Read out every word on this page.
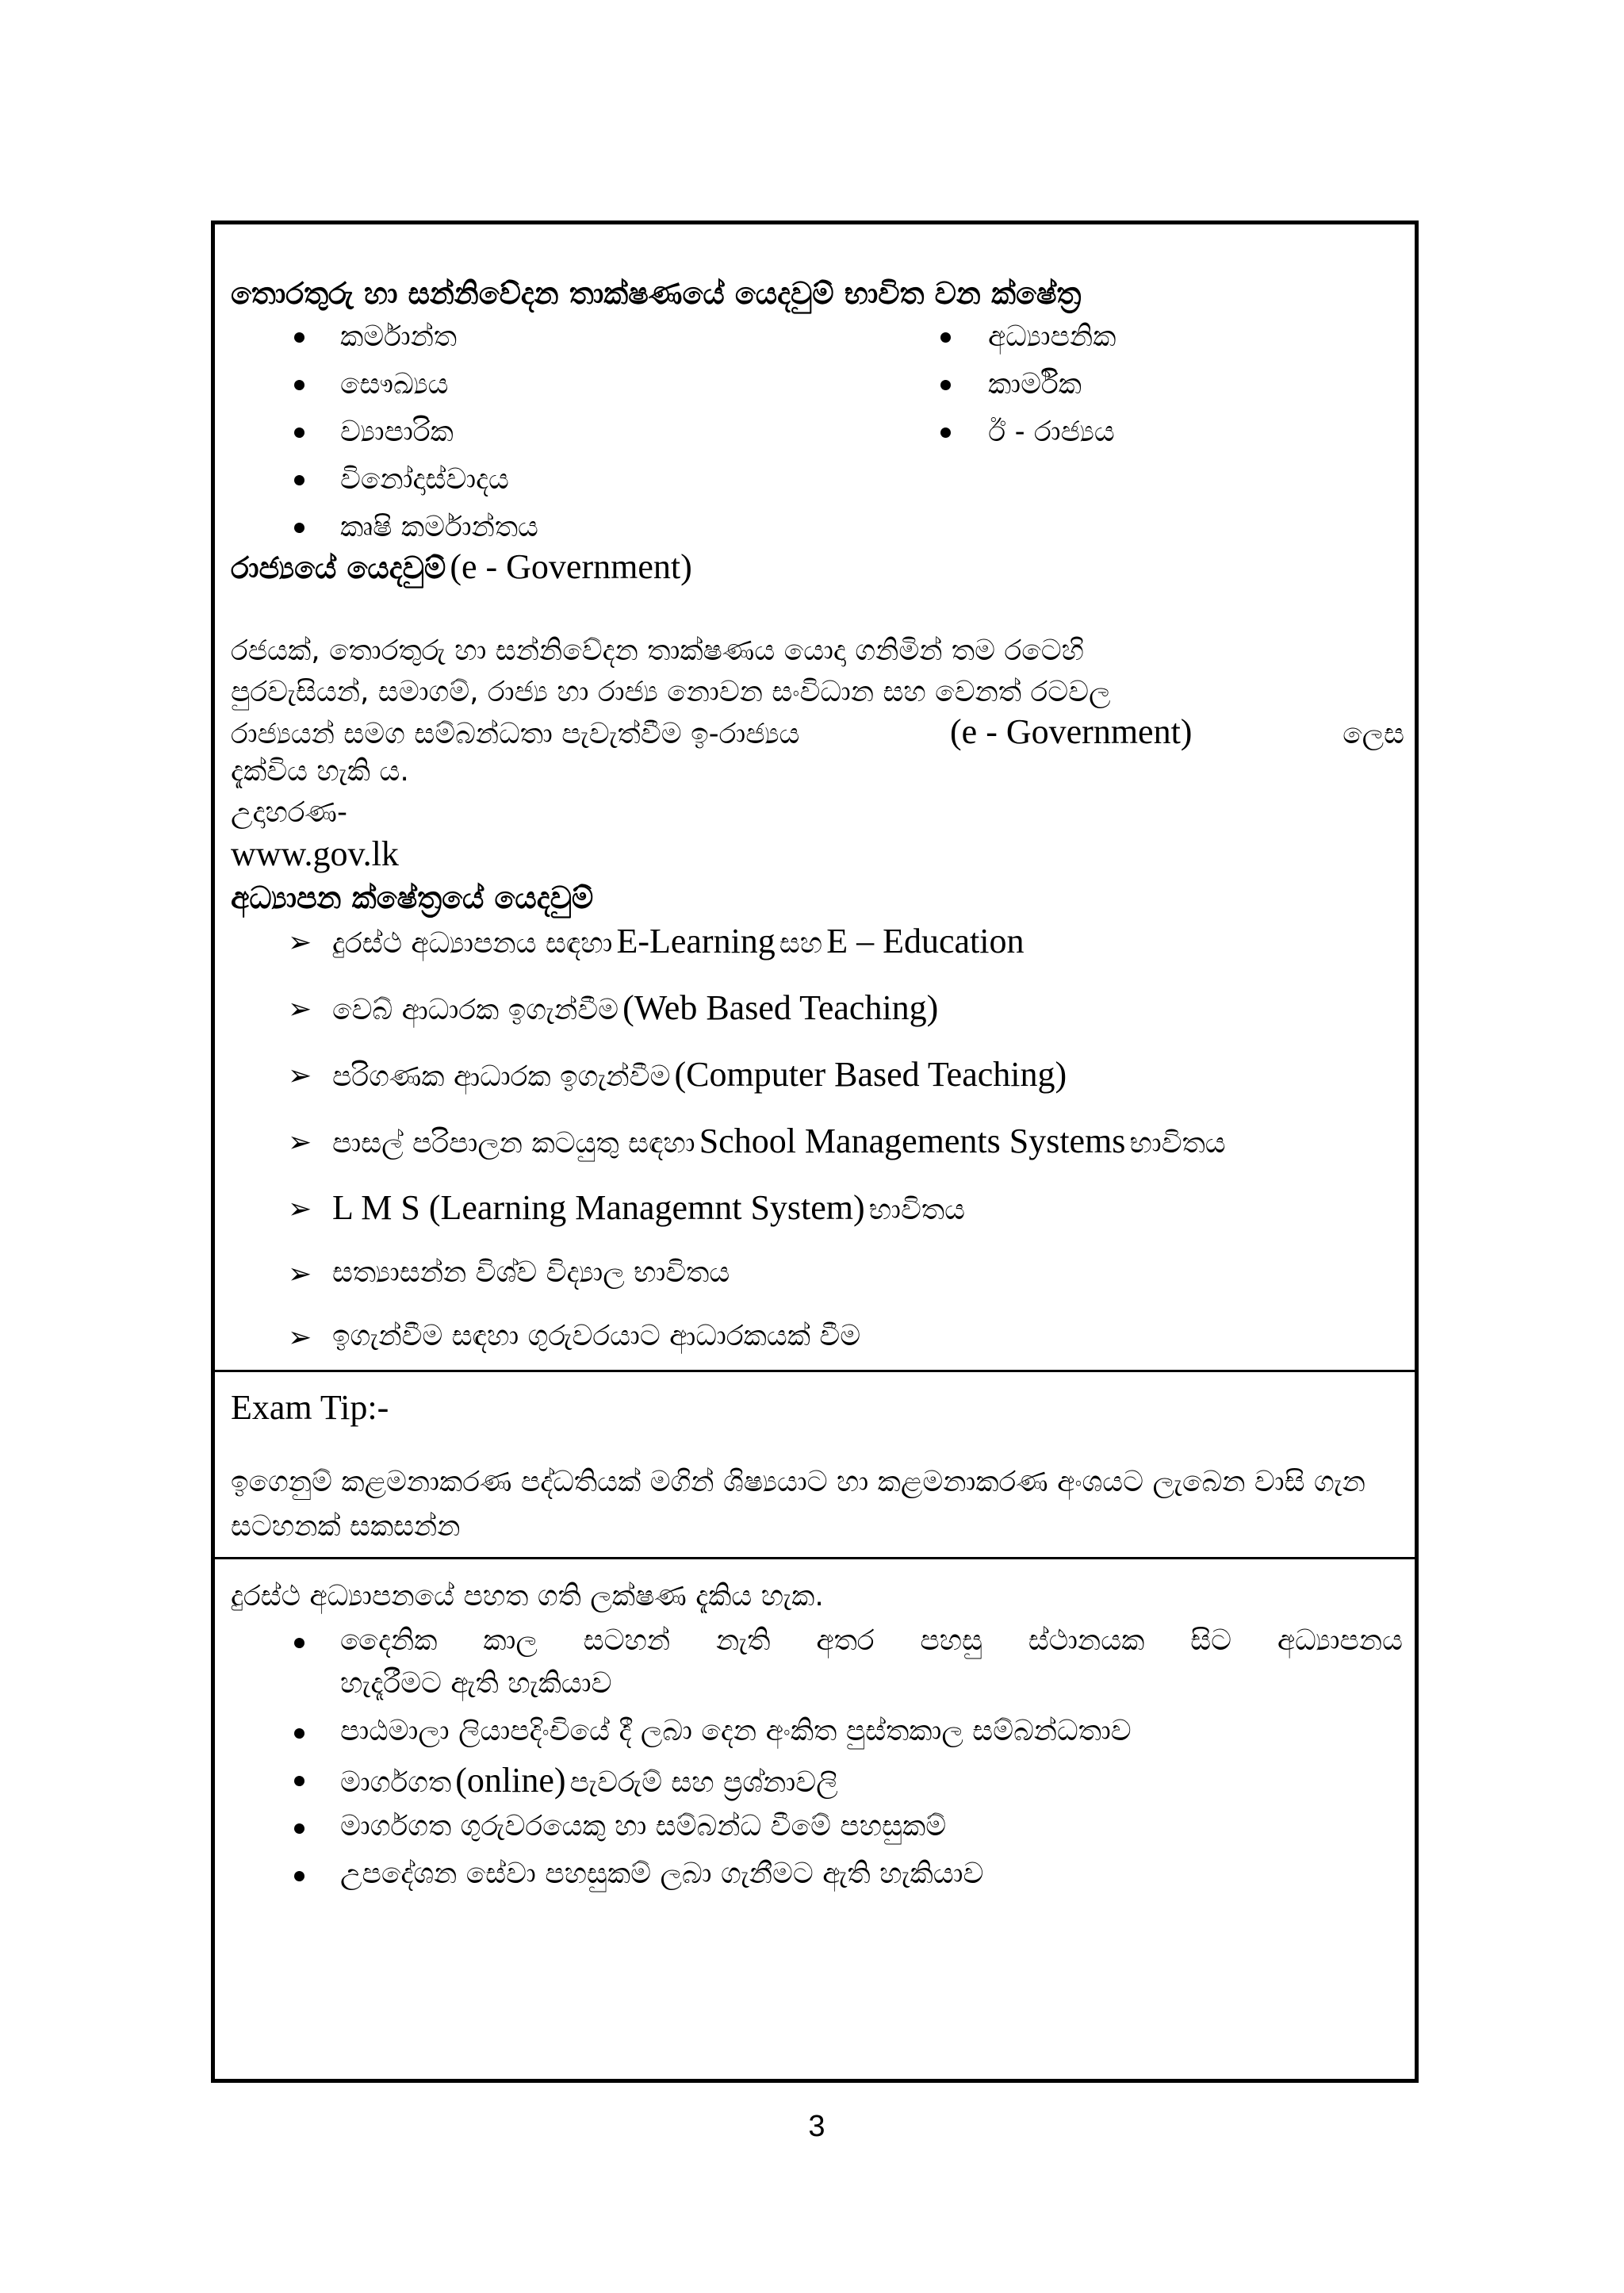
තොරතුරු හා සන්නිවේදන තාක්ෂණයේ යෙදවුම් භාවිත වන ක්ෂේත්‍ර
කර්මාන්ත
සෞඛ්‍යය
ව්‍යාපාරික
විනෝදාස්වාදය
කෘෂි කර්මාන්තය
අධ්‍යාපනික
කාර්මික
ඊ - රාජ්‍යය
රාජ්‍යයේ යෙදවුම් (e - Government)
රජයක්, තොරතුරු හා සන්නිවේදන තාක්ෂණය යොදා ගනිමින් තම රටෙහි
පුරවැසියන්, සමාගම්, රාජ්‍ය හා රාජ්‍ය නොවන සංවිධාන සහ වෙනත් රටවල
රාජ්‍යයන් සමග සම්බන්ධතා පැවැත්වීම ඉ-රාජ්‍යය	(e - Government)	ලෙස
දැක්විය හැකි ය.
උදාහරණ-
www.gov.lk
අධ්‍යාපන ක්ෂේත්‍රයේ යෙදවුම්
➢ දුරස්ථ අධ්‍යාපනය සඳහා E-Learning සහ E – Education
➢ වෙබ් ආධාරක ඉගැන්වීම (Web Based Teaching)
➢ පරිගණක ආධාරක ඉගැන්වීම (Computer Based Teaching)
➢ පාසල් පරිපාලන කටයුතු සඳහා School Managements Systems භාවිතය
➢ L M S (Learning Managemnt System) භාවිතය
➢ සත්‍යාසන්න විශ්ව විද්‍යාල භාවිතය
➢ ඉගැන්වීම සඳහා ගුරුවරයාට ආධාරකයක් වීම
Exam Tip:-
ඉගෙනුම් කළමනාකරණ පද්ධතියක් මගින් ශිෂ්‍යයාට හා කළමනාකරණ අංශයට ලැබෙන වාසි ගැන
සටහනක් සකසන්න
දුරස්ථ අධ්‍යාපනයේ පහත ගති ලක්ෂණ දැකිය හැක.
දෛනික කාල සටහන් නැති අතර පහසු ස්ථානයක සිට අධ්‍යාපනය
හැදෑරීමට ඇති හැකියාව
පාඨමාලා ලියාපදිංචියේ දී ලබා දෙන අංකිත පුස්තකාල සම්බන්ධතාව
මාර්ගගත (online) පැවරුම් සහ ප්‍රශ්නාවලි
මාර්ගගත ගුරුවරයෙකු හා සම්බන්ධ වීමේ පහසුකම්
උපදේශන සේවා පහසුකම් ලබා ගැනීමට ඇති හැකියාව
3
